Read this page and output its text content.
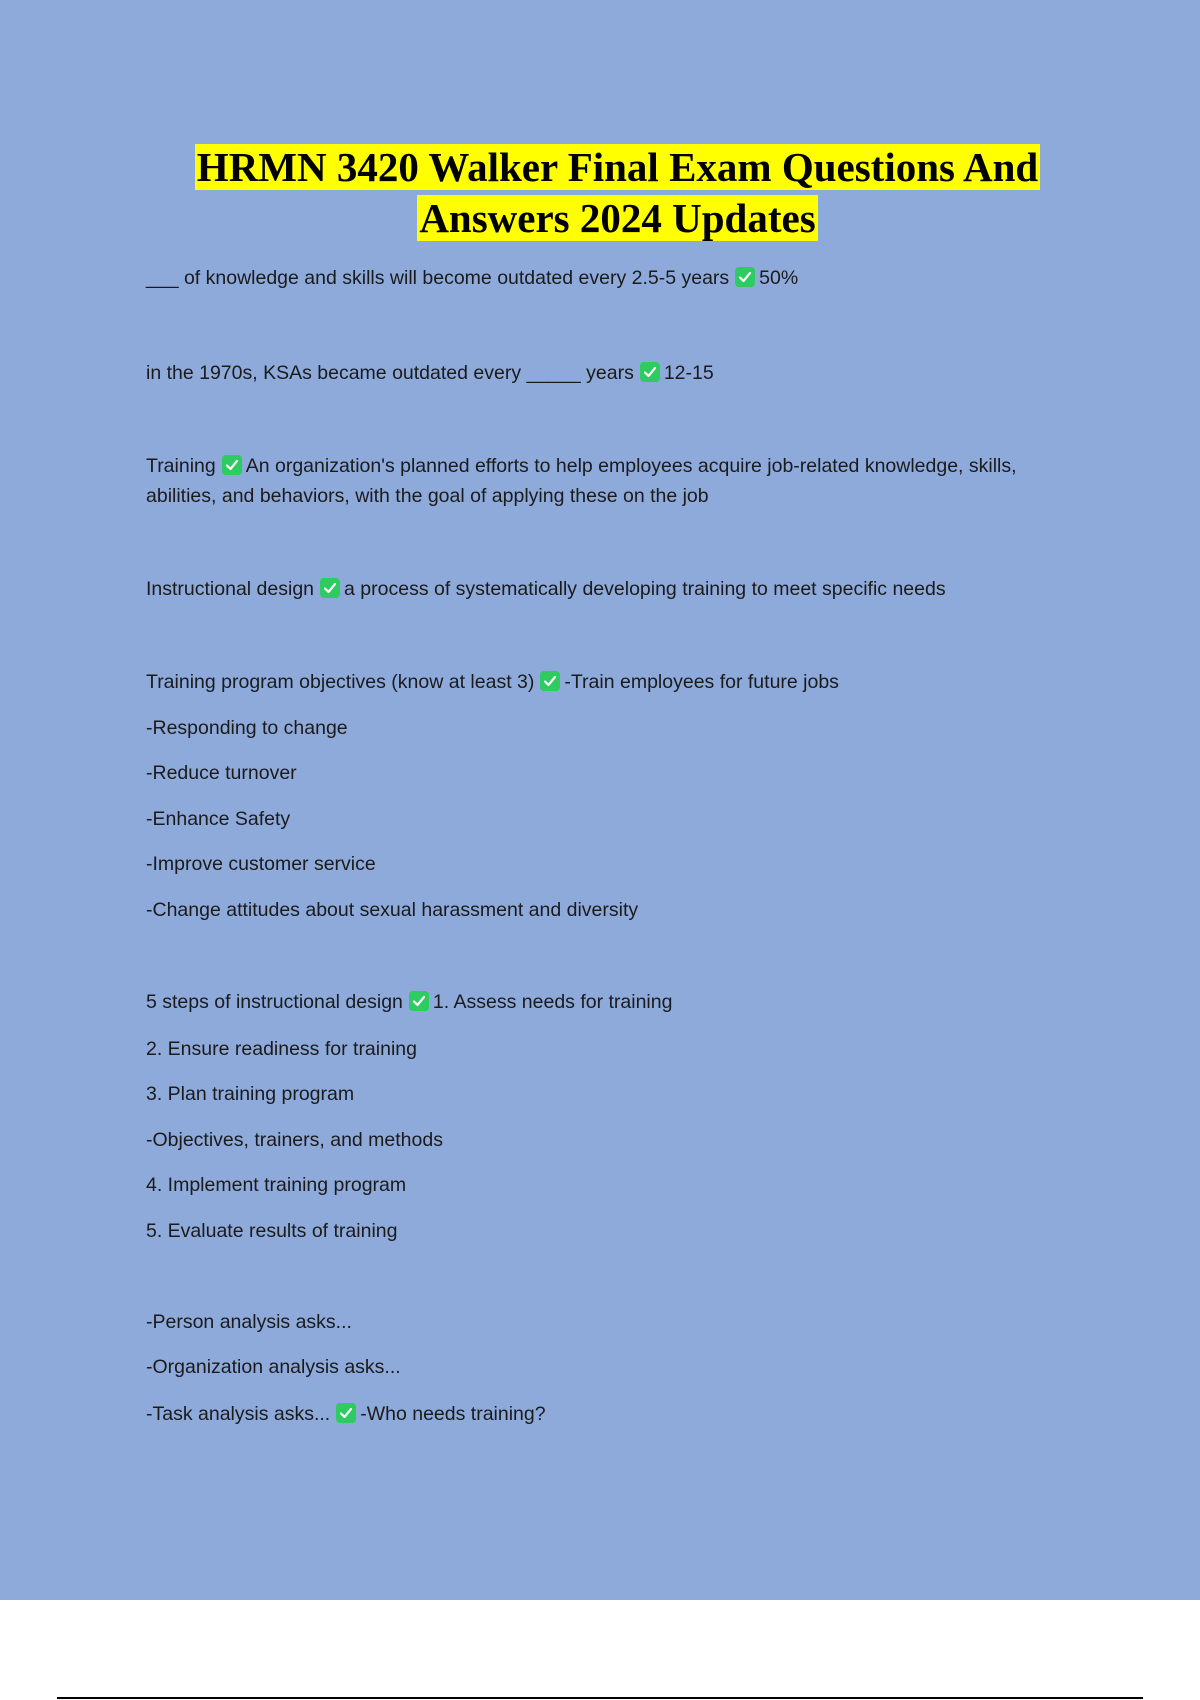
HRMN 3420 Walker Final Exam Questions And
Answers 2024 Updates
___ of knowledge and skills will become outdated every 2.5-5 years 50%
in the 1970s, KSAs became outdated every _____ years 12-15
Training An organization's planned efforts to help employees acquire job-related knowledge, skills, abilities, and behaviors, with the goal of applying these on the job
Instructional design a process of systematically developing training to meet specific needs
Training program objectives (know at least 3) -Train employees for future jobs
-Responding to change
-Reduce turnover
-Enhance Safety
-Improve customer service
-Change attitudes about sexual harassment and diversity
5 steps of instructional design 1. Assess needs for training
2. Ensure readiness for training
3. Plan training program
-Objectives, trainers, and methods
4. Implement training program
5. Evaluate results of training
-Person analysis asks...
-Organization analysis asks...
-Task analysis asks... -Who needs training?
